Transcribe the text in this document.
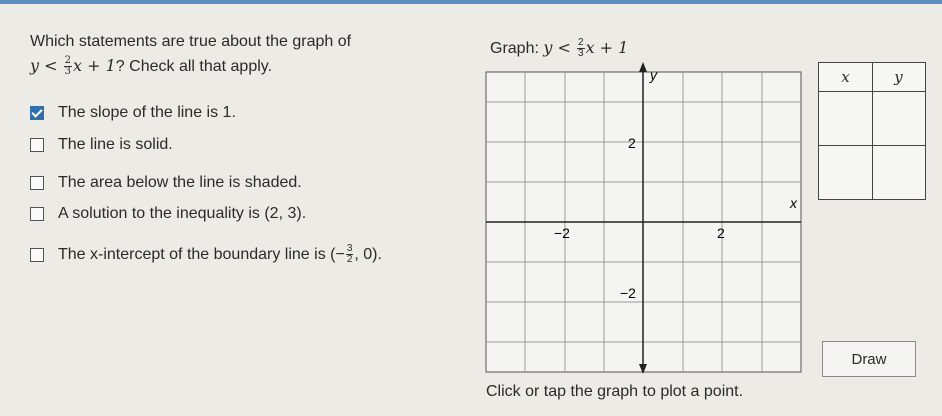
Which statements are true about the graph of
$y < \frac{2}{3}$ x + 1? Check all that apply.
The slope of the line is 1.
The line is solid.
The area below the line is shaded.
A solution to the inequality is (2, 3).
The x-intercept of the boundary line is (− $\frac{3}{2}$ , 0).
Graph: $y < \frac{2}{3}$ x + 1
y
x
−2	2
2
−2
x	y
Draw
Click or tap the graph to plot a point.
